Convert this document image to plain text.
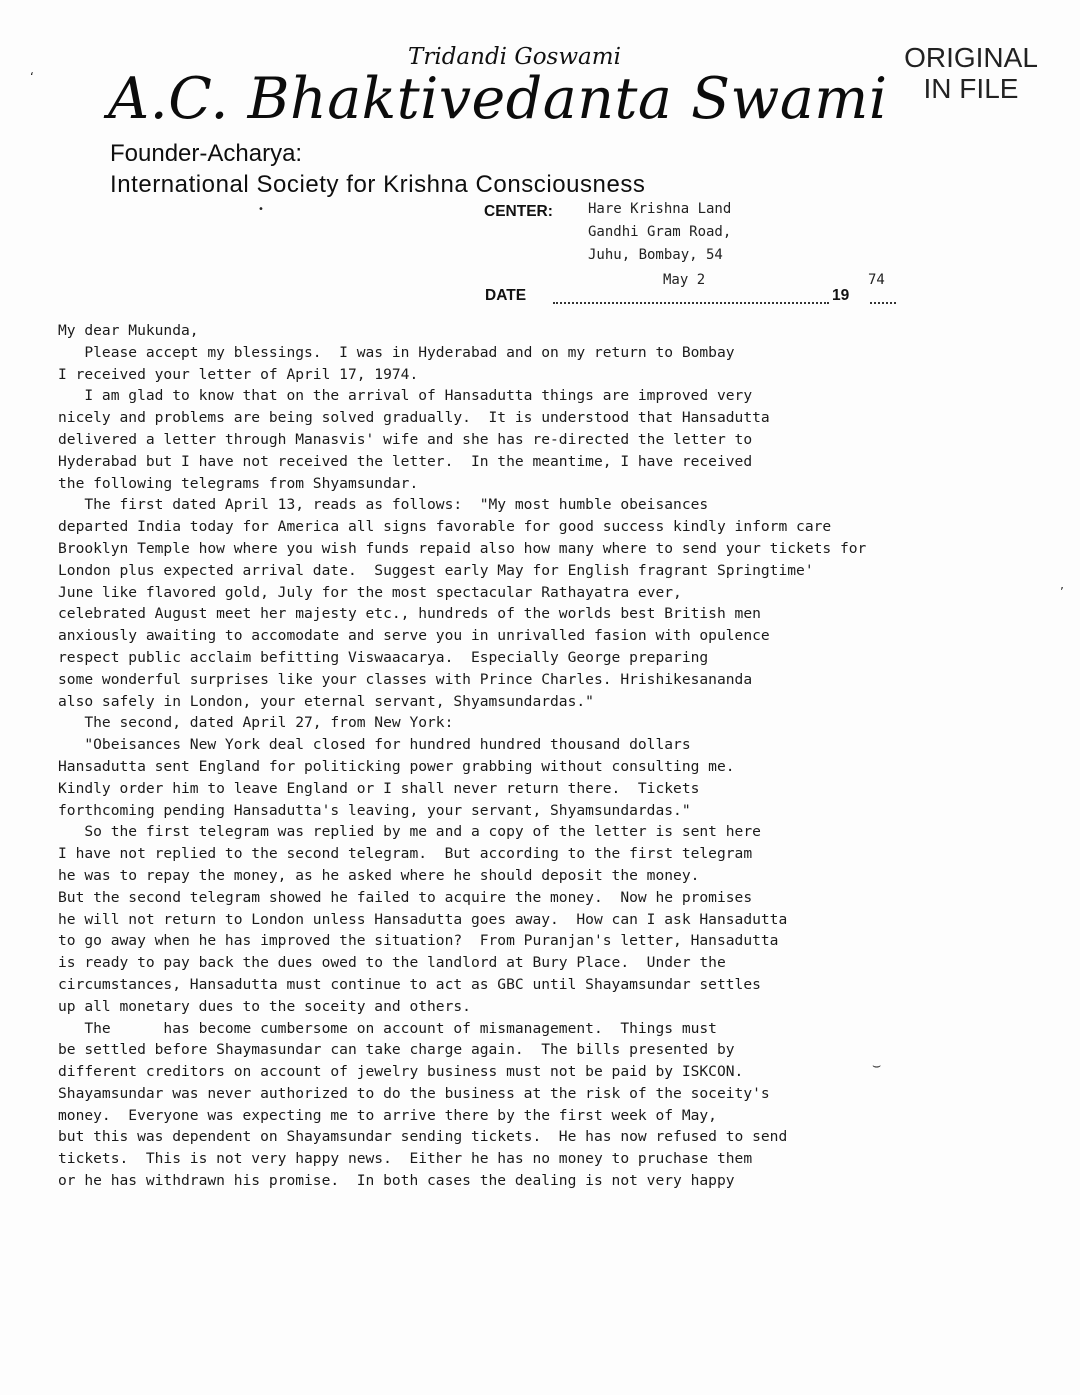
Tridandi Goswami
A.C. Bhaktivedanta Swami
ORIGINAL
IN FILE
Founder-Acharya:
International Society for Krishna Consciousness
CENTER:	Hare Krishna Land
Gandhi Gram Road,
Juhu, Bombay, 54
DATE
May 2
19
74
My dear Mukunda,
Please accept my blessings.  I was in Hyderabad and on my return to Bombay
I received your letter of April 17, 1974.
I am glad to know that on the arrival of Hansadutta things are improved very
nicely and problems are being solved gradually.  It is understood that Hansadutta
delivered a letter through Manasvis' wife and she has re-directed the letter to
Hyderabad but I have not received the letter.  In the meantime, I have received
the following telegrams from Shyamsundar.
The first dated April 13, reads as follows:  "My most humble obeisances
departed India today for America all signs favorable for good success kindly inform care
Brooklyn Temple how where you wish funds repaid also how many where to send your tickets for
London plus expected arrival date.  Suggest early May for English fragrant Springtime'
June like flavored gold, July for the most spectacular Rathayatra ever,
celebrated August meet her majesty etc., hundreds of the worlds best British men
anxiously awaiting to accomodate and serve you in unrivalled fasion with opulence
respect public acclaim befitting Viswaacarya.  Especially George preparing
some wonderful surprises like your classes with Prince Charles. Hrishikesananda
also safely in London, your eternal servant, Shyamsundardas."
The second, dated April 27, from New York:
"Obeisances New York deal closed for hundred hundred thousand dollars
Hansadutta sent England for politicking power grabbing without consulting me.
Kindly order him to leave England or I shall never return there.  Tickets
forthcoming pending Hansadutta's leaving, your servant, Shyamsundardas."
So the first telegram was replied by me and a copy of the letter is sent here
I have not replied to the second telegram.  But according to the first telegram
he was to repay the money, as he asked where he should deposit the money.
But the second telegram showed he failed to acquire the money.  Now he promises
he will not return to London unless Hansadutta goes away.  How can I ask Hansadutta
to go away when he has improved the situation?  From Puranjan's letter, Hansadutta
is ready to pay back the dues owed to the landlord at Bury Place.  Under the
circumstances, Hansadutta must continue to act as GBC until Shayamsundar settles
up all monetary dues to the soceity and others.
The      has become cumbersome on account of mismanagement.  Things must
be settled before Shaymasundar can take charge again.  The bills presented by
different creditors on account of jewelry business must not be paid by ISKCON.
Shayamsundar was never authorized to do the business at the risk of the soceity's
money.  Everyone was expecting me to arrive there by the first week of May,
but this was dependent on Shayamsundar sending tickets.  He has now refused to send
tickets.  This is not very happy news.  Either he has no money to pruchase them
or he has withdrawn his promise.  In both cases the dealing is not very happy
‘
•
’
⌣
